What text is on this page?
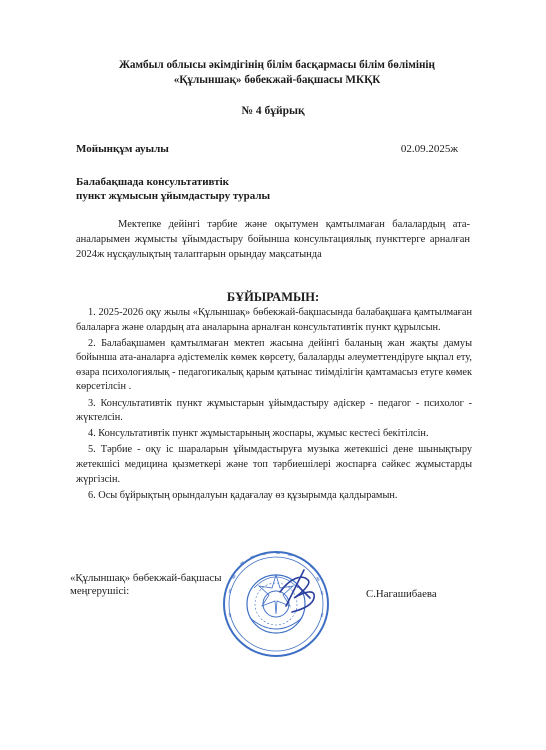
Жамбыл облысы әкімдігінің білім басқармасы білім бөлімінің
«Құлыншақ» бөбекжай-бақшасы МКҚК
№ 4 бұйрық
Мойынқұм ауылы	02.09.2025ж
Балабақшада консультативтік
пункт жұмысын ұйымдастыру туралы
Мектепке дейінгі тәрбие және оқытумен қамтылмаған балалардың ата-аналарымен жұмысты ұйымдастыру бойынша консультациялық пункттерге арналған 2024ж нұсқаулықтың талаптарын орындау мақсатында
БҰЙЫРАМЫН:

1. 2025-2026 оқу жылы «Құлыншақ» бөбекжай-бақшасында балабақшаға қамтылмаған балаларға және олардың ата аналарына арналған консультативтік пункт құрылсын.

2. Балабақшамен қамтылмаған мектеп жасына дейінгі баланың жан жақты дамуы бойынша ата-аналарға әдістемелік көмек көрсету, балаларды әлеуметтендіруге ықпал ету, өзара психологиялық - педагогикалық қарым қатынас тиімділігін қамтамасыз етуге көмек көрсетілсін .

3. Консультативтік пункт жұмыстарын ұйымдастыру әдіскер - педагог - психолог - жүктелсін.

4. Консультативтік пункт жұмыстарының жоспары, жұмыс кестесі бекітілсін.

5. Тәрбие - оқу іс шараларын ұйымдастыруға музыка жетекшісі дене шынықтыру жетекшісі медицина қызметкері және топ тәрбиешілері жоспарға сәйкес жұмыстарды жүргізсін.

6. Осы бұйрықтың орындалуын қадағалау өз құзырымда қалдырамын.

«Құлыншақ» бөбекжай-бақшасы
меңгерушісі:	С.Нагашибаева
